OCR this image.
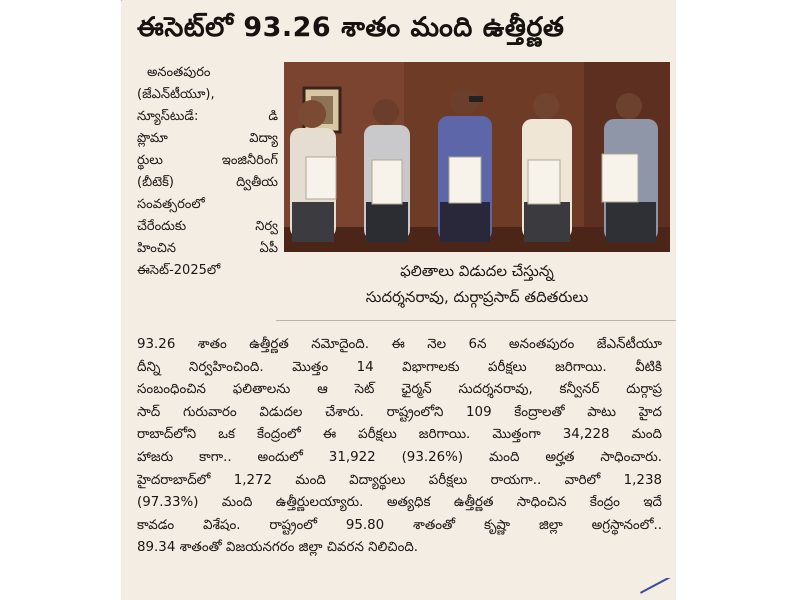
ఈసెట్‌లో 93.26 శాతం మంది ఉత్తీర్ణత
అనంతపురం
(జేఎన్‌టీయూ),
న్యూస్‌టుడే: డి
ప్లొమా విద్యా
ర్థులు ఇంజినీరింగ్
(బీటెక్) ద్వితీయ
సంవత్సరంలో
చేరేందుకు నిర్వ
హించిన ఏపీ
ఈసెట్‌-2025లో	ఫలితాలు విడుదల చేస్తున్న
సుదర్శనరావు, దుర్గాప్రసాద్ తదితరులు
93.26 శాతం ఉత్తీర్ణత నమోదైంది. ఈ నెల 6న అనంతపురం జేఎన్‌టీయూ
దీన్ని నిర్వహించింది. మొత్తం 14 విభాగాలకు పరీక్షలు జరిగాయి. వీటికి
సంబంధించిన ఫలితాలను ఆ సెట్ ఛైర్మన్ సుదర్శనరావు, కన్వీనర్ దుర్గాప్ర
సాద్ గురువారం విడుదల చేశారు. రాష్ట్రంలోని 109 కేంద్రాలతో పాటు హైద
రాబాద్‌లోని ఒక కేంద్రంలో ఈ పరీక్షలు జరిగాయి. మొత్తంగా 34,228 మంది
హాజరు కాగా.. అందులో 31,922 (93.26%) మంది అర్హత సాధించారు.
హైదరాబాద్‌లో 1,272 మంది విద్యార్థులు పరీక్షలు రాయగా.. వారిలో 1,238
(97.33%) మంది ఉత్తీర్ణులయ్యారు. అత్యధిక ఉత్తీర్ణత సాధించిన కేంద్రం ఇదే
కావడం విశేషం. రాష్ట్రంలో 95.80 శాతంతో కృష్ణా జిల్లా అగ్రస్థానంలో..
89.34 శాతంతో విజయనగరం జిల్లా చివరన నిలిచింది.
